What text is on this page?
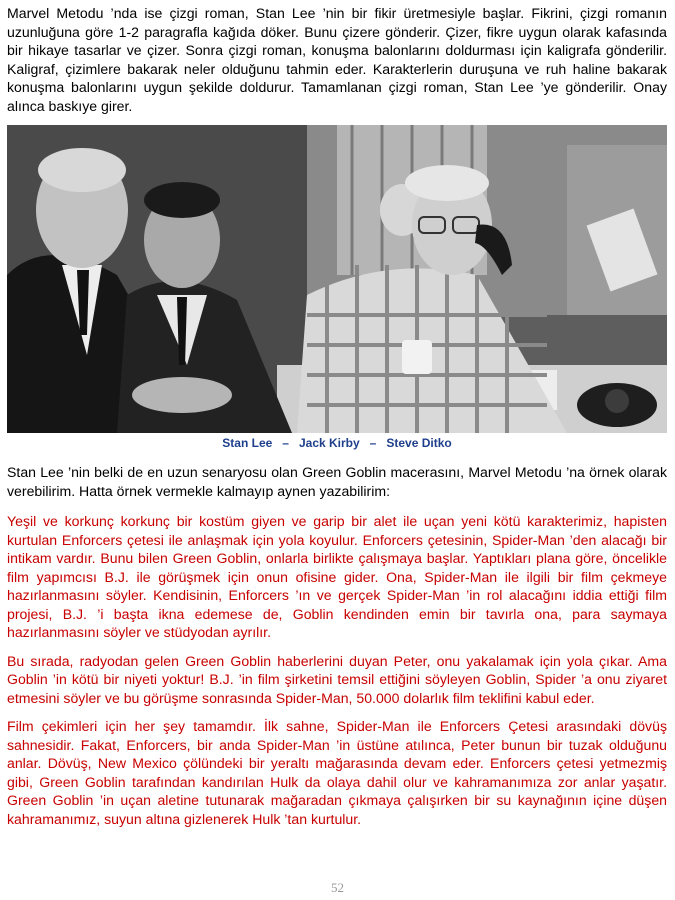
Marvel Metodu ’nda ise çizgi roman, Stan Lee ’nin bir fikir üretmesiyle başlar. Fikrini, çizgi romanın uzunluğuna göre 1-2 paragrafla kağıda döker. Bunu çizere gönderir. Çizer, fikre uygun olarak kafasında bir hikaye tasarlar ve çizer. Sonra çizgi roman, konuşma balonlarını doldurması için kaligrafa gönderilir. Kaligraf, çizimlere bakarak neler olduğunu tahmin eder. Karakterlerin duruşuna ve ruh haline bakarak konuşma balonlarını uygun şekilde doldurur. Tamamlanan çizgi roman, Stan Lee ’ye gönderilir. Onay alınca baskıye girer.

Stan Lee   –   Jack Kirby   –   Steve Ditko

Stan Lee ’nin belki de en uzun senaryosu olan Green Goblin macerasını, Marvel Metodu ’na örnek olarak verebilirim. Hatta örnek vermekle kalmayıp aynen yazabilirim:

Yeşil ve korkunç korkunç bir kostüm giyen ve garip bir alet ile uçan yeni kötü karakterimiz, hapisten kurtulan Enforcers çetesi ile anlaşmak için yola koyulur. Enforcers çetesinin, Spider-Man ’den alacağı bir intikam vardır. Bunu bilen Green Goblin, onlarla birlikte çalışmaya başlar. Yaptıkları plana göre, öncelikle film yapımcısı B.J. ile görüşmek için onun ofisine gider. Ona, Spider-Man ile ilgili bir film çekmeye hazırlanmasını söyler. Kendisinin, Enforcers ’ın ve gerçek Spider-Man ’in rol alacağını iddia ettiği film projesi, B.J. ’i başta ikna edemese de, Goblin kendinden emin bir tavırla ona, para saymaya hazırlanmasını söyler ve stüdyodan ayrılır.

Bu sırada, radyodan gelen Green Goblin haberlerini duyan Peter, onu yakalamak için yola çıkar. Ama Goblin ’in kötü bir niyeti yoktur! B.J. ’in film şirketini temsil ettiğini söyleyen Goblin, Spider ’a onu ziyaret etmesini söyler ve bu görüşme sonrasında Spider-Man, 50.000 dolarlık film teklifini kabul eder.

Film çekimleri için her şey tamamdır. İlk sahne, Spider-Man ile Enforcers Çetesi arasındaki dövüş sahnesidir. Fakat, Enforcers, bir anda Spider-Man ’in üstüne atılınca, Peter bunun bir tuzak olduğunu anlar. Dövüş, New Mexico çölündeki bir yeraltı mağarasında devam eder. Enforcers çetesi yetmezmiş gibi, Green Goblin tarafından kandırılan Hulk da olaya dahil olur ve kahramanımıza zor anlar yaşatır. Green Goblin ’in uçan aletine tutunarak mağaradan çıkmaya çalışırken bir su kaynağının içine düşen kahramanımız, suyun altına gizlenerek Hulk ’tan kurtulur.

52
